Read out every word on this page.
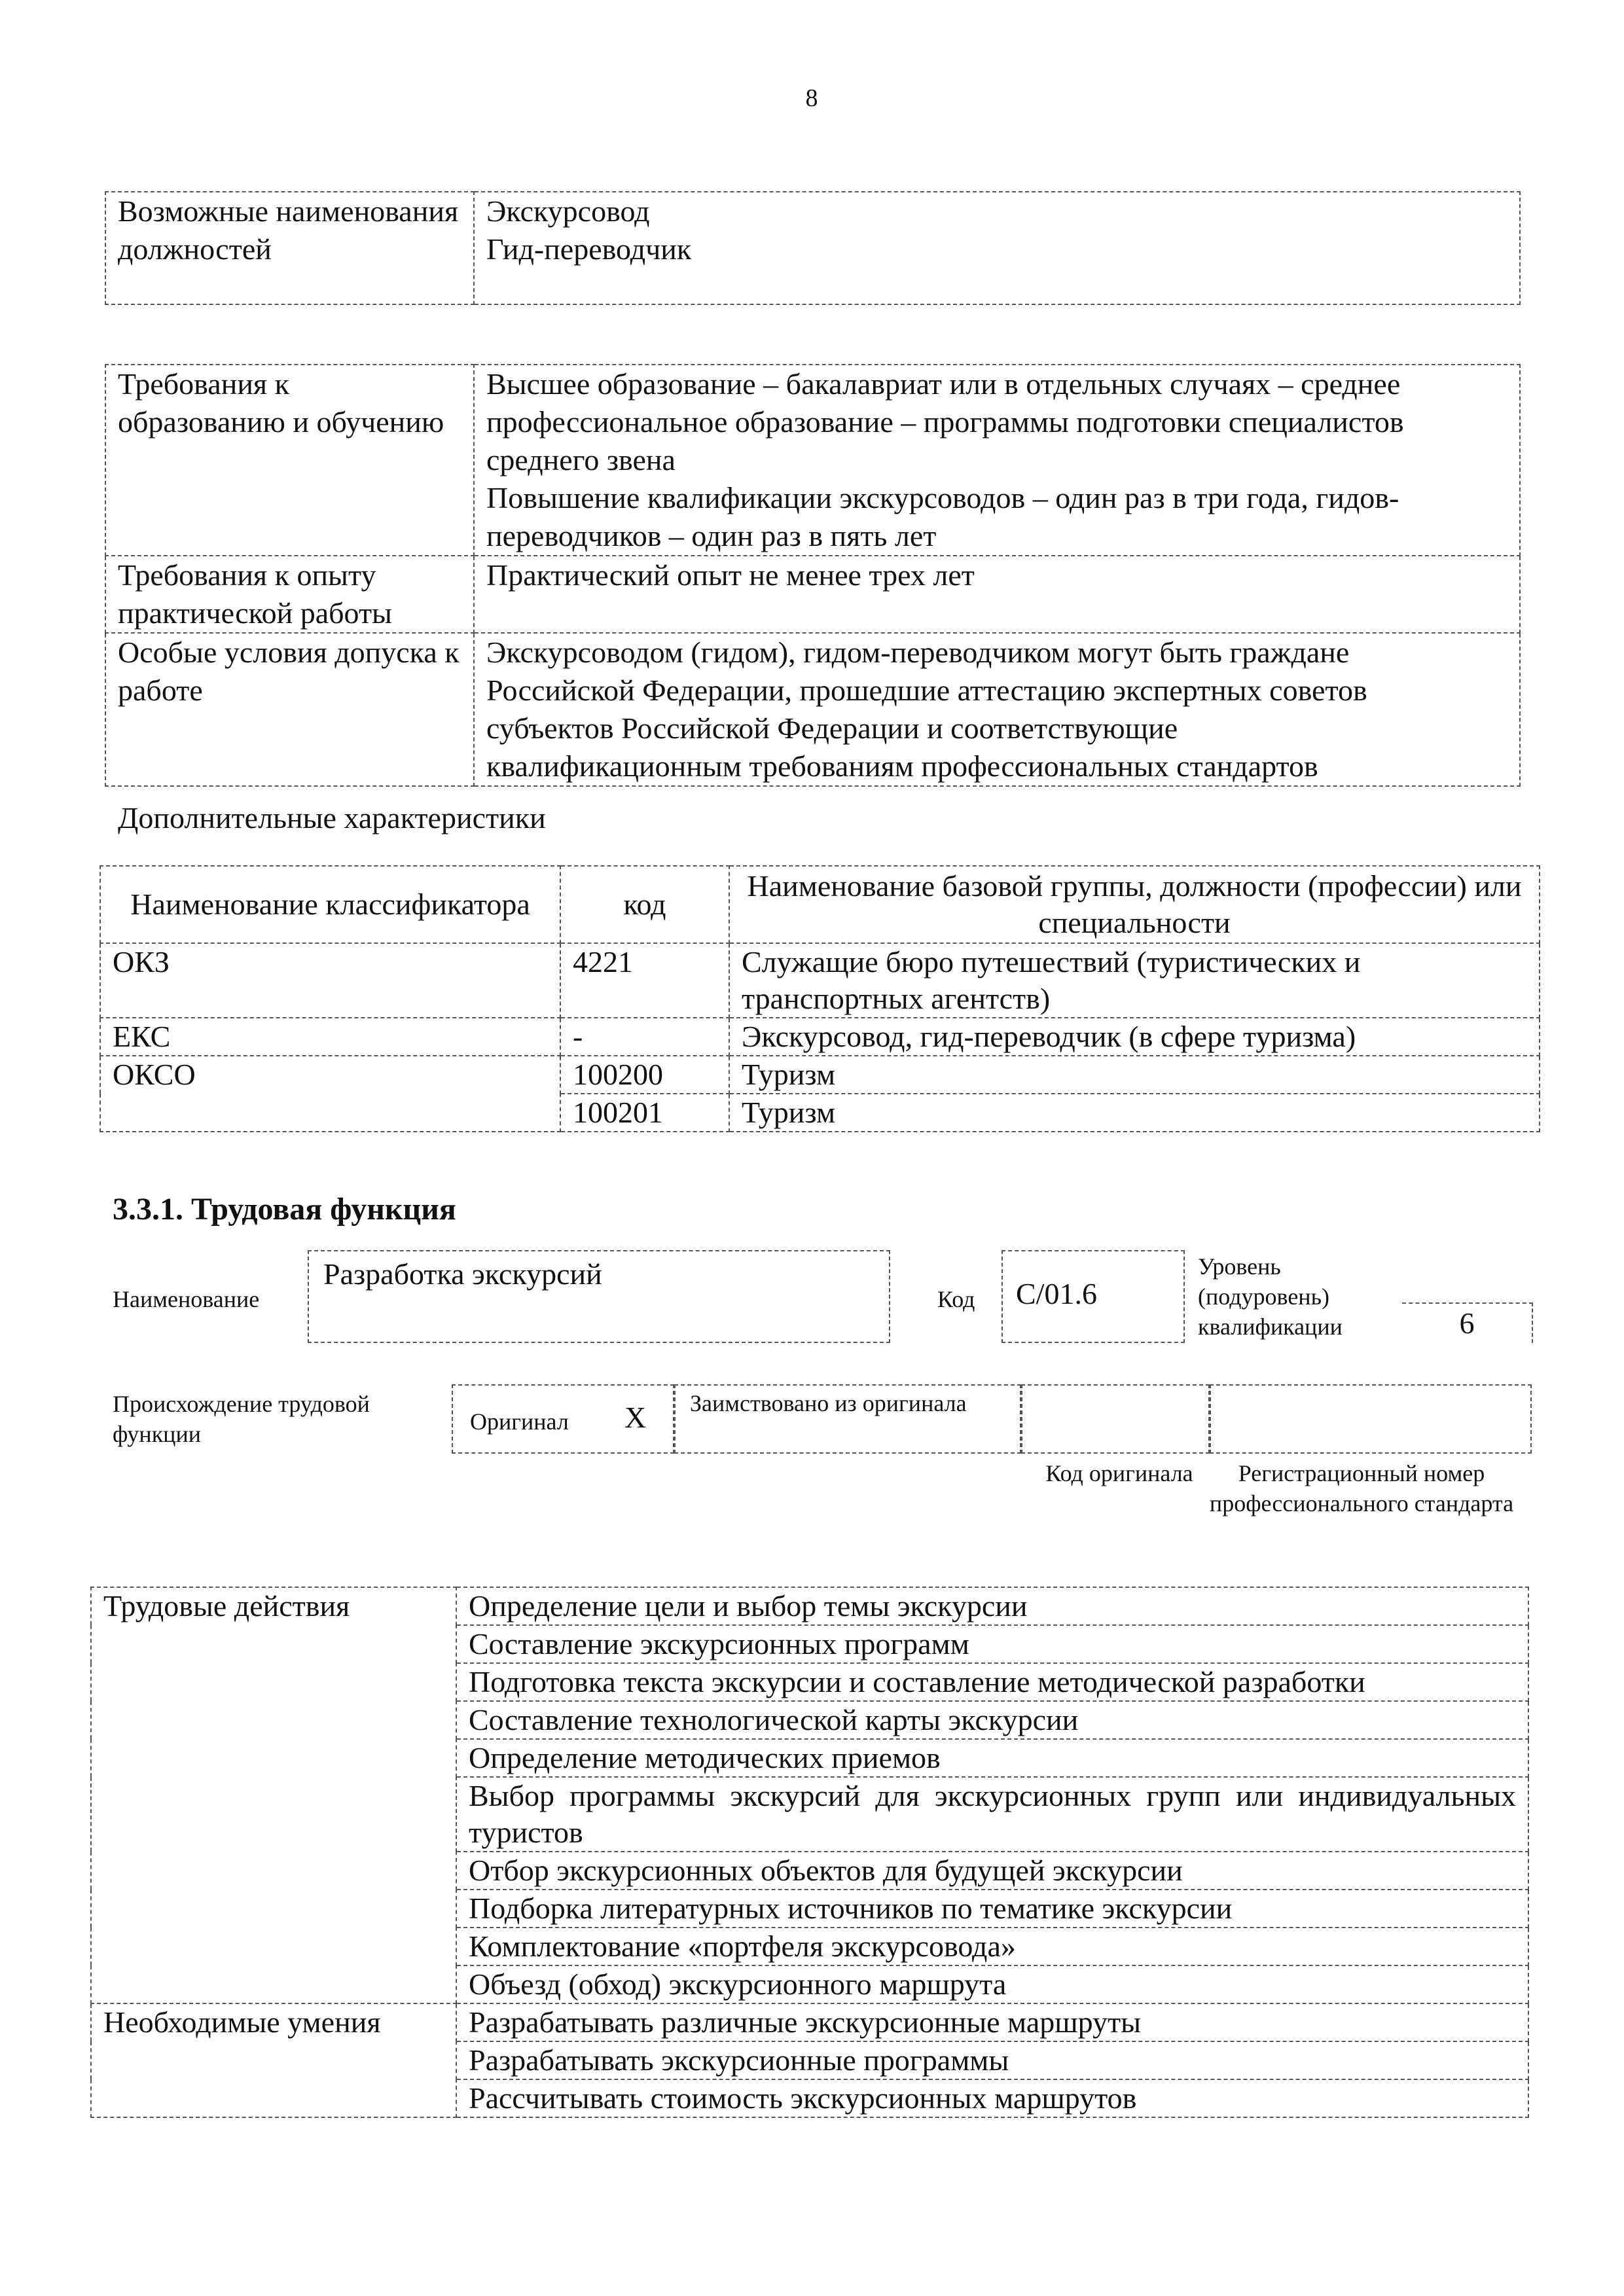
8
Возможные наименования должностей	
Экскурсовод
Гид-переводчик
Требования к образованию и обучению	Высшее образование – бакалавриат или в отдельных случаях – среднее
профессиональное образование – программы подготовки специалистов
среднего звена
Повышение квалификации экскурсоводов – один раз в три года, гидов-
переводчиков – один раз в пять лет

Требования к опыту практической работы	Практический опыт не менее трех лет
Особые условия допуска к работе	Экскурсоводом (гидом), гидом-переводчиком могут быть граждане
Российской Федерации, прошедшие аттестацию экспертных советов
субъектов Российской Федерации и соответствующие
квалификационным требованиям профессиональных стандартов
Дополнительные характеристики
Наименование классификатора	код	Наименование базовой группы, должности (профессии) или специальности
ОКЗ	4221	Служащие бюро путешествий (туристических и транспортных агентств)
ЕКС	-	Экскурсовод, гид-переводчик (в сфере туризма)
ОКСО	100200	Туризм
	100201	Туризм
3.3.1. Трудовая функция
Наименование
Разработка экскурсий
Код	C/01.6
Уровень (подуровень) квалификации	6
Происхождение трудовой функции	Оригинал X Заимствовано из оригинала
Код оригинала	Регистрационный номер профессионального стандарта
Трудовые действия	Определение цели и выбор темы экскурсии
	Составление экскурсионных программ
	Подготовка текста экскурсии и составление методической разработки
	Составление технологической карты экскурсии
	Определение методических приемов
	Выбор программы экскурсий для экскурсионных групп или индивидуальных туристов
	Отбор экскурсионных объектов для будущей экскурсии
	Подборка литературных источников по тематике экскурсии
	Комплектование «портфеля экскурсовода»
	Объезд (обход) экскурсионного маршрута
Необходимые умения	Разрабатывать различные экскурсионные маршруты
	Разрабатывать экскурсионные программы
	Рассчитывать стоимость экскурсионных маршрутов
